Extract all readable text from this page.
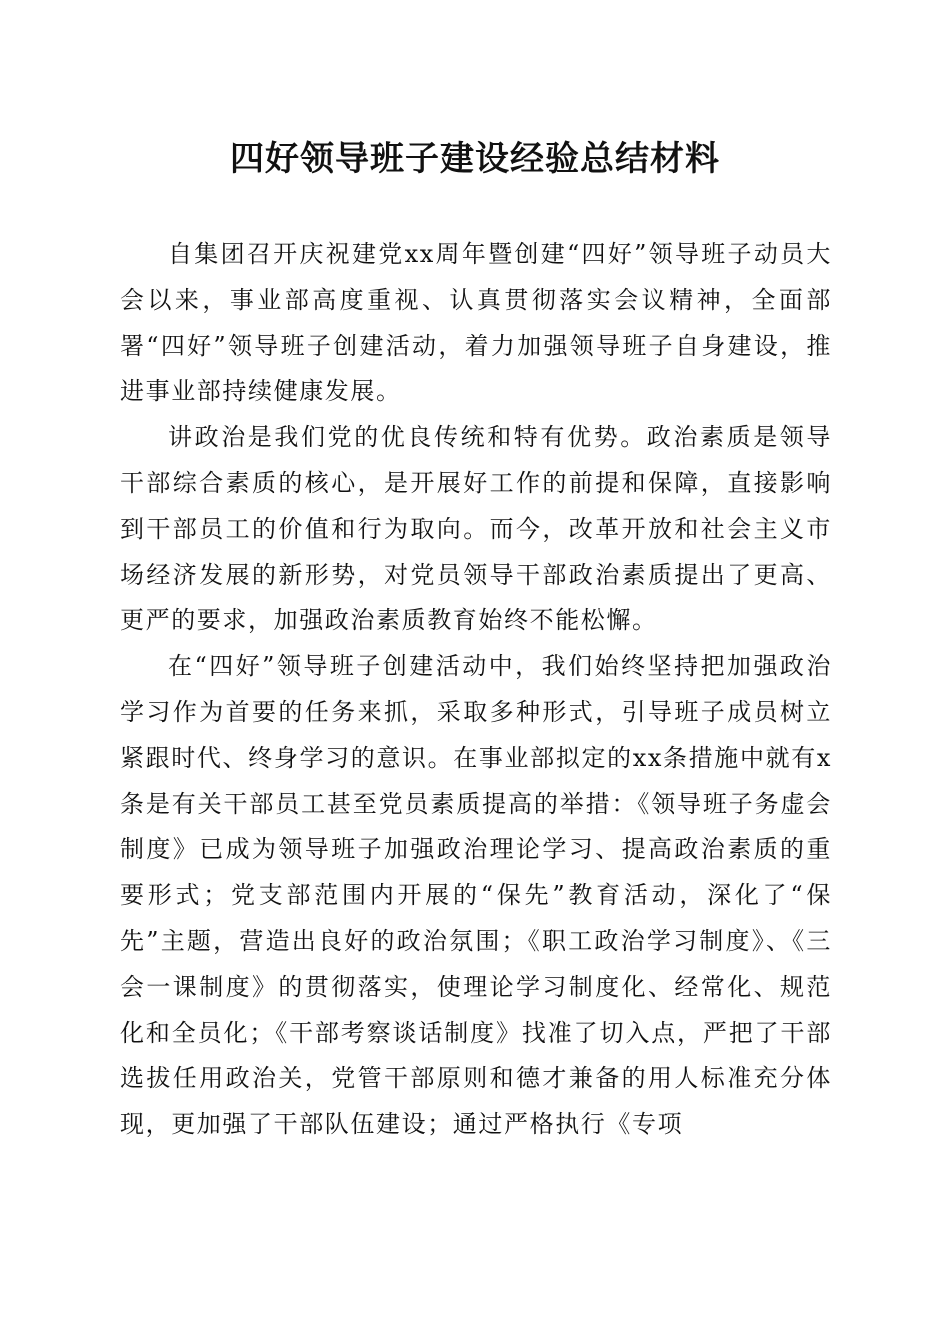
四好领导班子建设经验总结材料

自集团召开庆祝建党xx周年暨创建“四好”领导班子动员大会以来，事业部高度重视、认真贯彻落实会议精神，全面部署“四好”领导班子创建活动，着力加强领导班子自身建设，推进事业部持续健康发展。

讲政治是我们党的优良传统和特有优势。政治素质是领导干部综合素质的核心，是开展好工作的前提和保障，直接影响到干部员工的价值和行为取向。而今，改革开放和社会主义市场经济发展的新形势，对党员领导干部政治素质提出了更高、更严的要求，加强政治素质教育始终不能松懈。

在“四好”领导班子创建活动中，我们始终坚持把加强政治学习作为首要的任务来抓，采取多种形式，引导班子成员树立紧跟时代、终身学习的意识。在事业部拟定的xx条措施中就有x条是有关干部员工甚至党员素质提高的举措：《领导班子务虚会制度》已成为领导班子加强政治理论学习、提高政治素质的重要形式；党支部范围内开展的“保先”教育活动，深化了“保先”主题，营造出良好的政治氛围；《职工政治学习制度》、《三会一课制度》的贯彻落实，使理论学习制度化、经常化、规范化和全员化；《干部考察谈话制度》找准了切入点，严把了干部选拔任用政治关，党管干部原则和德才兼备的用人标准充分体现，更加强了干部队伍建设；通过严格执行《专项
